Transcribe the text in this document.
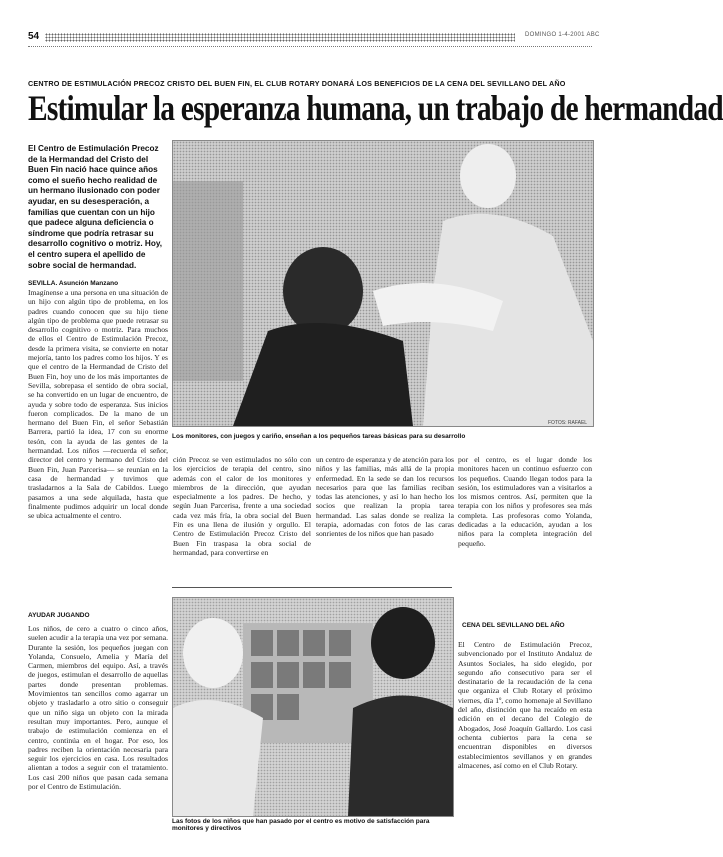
54	DOMINGO 1-4-2001 ABC
CENTRO DE ESTIMULACIÓN PRECOZ CRISTO DEL BUEN FIN, EL CLUB ROTARY DONARÁ LOS BENEFICIOS DE LA CENA DEL SEVILLANO DEL AÑO
Estimular la esperanza humana, un trabajo de hermandad
El Centro de Estimulación Precoz de la Hermandad del Cristo del Buen Fin nació hace quince años como el sueño hecho realidad de un hermano ilusionado con poder ayudar, en su desesperación, a familias que cuentan con un hijo que padece alguna deficiencia o síndrome que podría retrasar su desarrollo cognitivo o motriz. Hoy, el centro supera el apellido de sobre social de hermandad.
SEVILLA. Asunción Manzano
FOTOS: RAFAEL
Los monitores, con juegos y cariño, enseñan a los pequeños tareas básicas para su desarrollo
Imagínense a una persona en una situación de un hijo con algún tipo de problema, en los padres cuando conocen que su hijo tiene algún tipo de problema que puede retrasar su desarrollo cognitivo o motriz. Para muchos de ellos el Centro de Estimulación Precoz, desde la primera visita, se convierte en notar mejoría, tanto los padres como los hijos. Y es que el centro de la Hermandad de Cristo del Buen Fin, hoy uno de los más importantes de Sevilla, sobrepasa el sentido de obra social, se ha convertido en un lugar de encuentro, de ayuda y sobre todo de esperanza. Sus inicios fueron complicados. De la mano de un hermano del Buen Fin, el señor Sebastián Barrera, partió la idea, 17 con su enorme tesón, con la ayuda de las gentes de la hermandad. Los niños —recuerda el señor, director del centro y hermano del Cristo del Buen Fin, Juan Parcerisa— se reunían en la casa de hermandad y tuvimos que trasladarnos a la Sala de Cabildos. Luego pasamos a una sede alquilada, hasta que finalmente pudimos adquirir un local donde se ubica actualmente el centro.
AYUDAR JUGANDO
Los niños, de cero a cuatro o cinco años, suelen acudir a la terapia una vez por semana. Durante la sesión, los pequeños juegan con Yolanda, Consuelo, Amelia y María del Carmen, miembros del equipo. Así, a través de juegos, estimulan el desarrollo de aquellas partes donde presentan problemas. Movimientos tan sencillos como agarrar un objeto y trasladarlo a otro sitio o conseguir que un niño siga un objeto con la mirada resultan muy importantes. Pero, aunque el trabajo de estimulación comienza en el centro, continúa en el hogar. Por eso, los padres reciben la orientación necesaria para seguir los ejercicios en casa. Los resultados alientan a todos a seguir con el tratamiento. Los casi 200 niños que pasan cada semana por el Centro de Estimulación.
ción Precoz se ven estimulados no sólo con los ejercicios de terapia del centro, sino además con el calor de los monitores y miembros de la dirección, que ayudan especialmente a los padres. De hecho, y según Juan Parcerisa, frente a una sociedad cada vez más fría, la obra social del Buen Fin es una llena de ilusión y orgullo. El Centro de Estimulación Precoz Cristo del Buen Fin traspasa la obra social de hermandad, para convertirse en
un centro de esperanza y de atención para los niños y las familias, más allá de la propia enfermedad. En la sede se dan los recursos necesarios para que las familias reciban todas las atenciones, y así lo han hecho los socios que realizan la propia tarea hermandad. Las salas donde se realiza la terapia, adornadas con fotos de las caras sonrientes de los niños que han pasado
por el centro, es el lugar donde los monitores hacen un continuo esfuerzo con los pequeños. Cuando llegan todos para la sesión, los estimuladores van a visitarlos a los mismos centros. Así, permiten que la terapia con los niños y profesores sea más completa. Las profesoras como Yolanda, dedicadas a la educación, ayudan a los niños para la completa integración del pequeño.
Las fotos de los niños que han pasado por el centro es motivo de satisfacción para monitores y directivos
CENA DEL SEVILLANO DEL AÑO
El Centro de Estimulación Precoz, subvencionado por el Instituto Andaluz de Asuntos Sociales, ha sido elegido, por segundo año consecutivo para ser el destinatario de la recaudación de la cena que organiza el Club Rotary el próximo viernes, día 1º, como homenaje al Sevillano del año, distinción que ha recaído en esta edición en el decano del Colegio de Abogados, José Joaquín Gallardo. Los casi ochenta cubiertos para la cena se encuentran disponibles en diversos establecimientos sevillanos y en grandes almacenes, así como en el Club Rotary.
